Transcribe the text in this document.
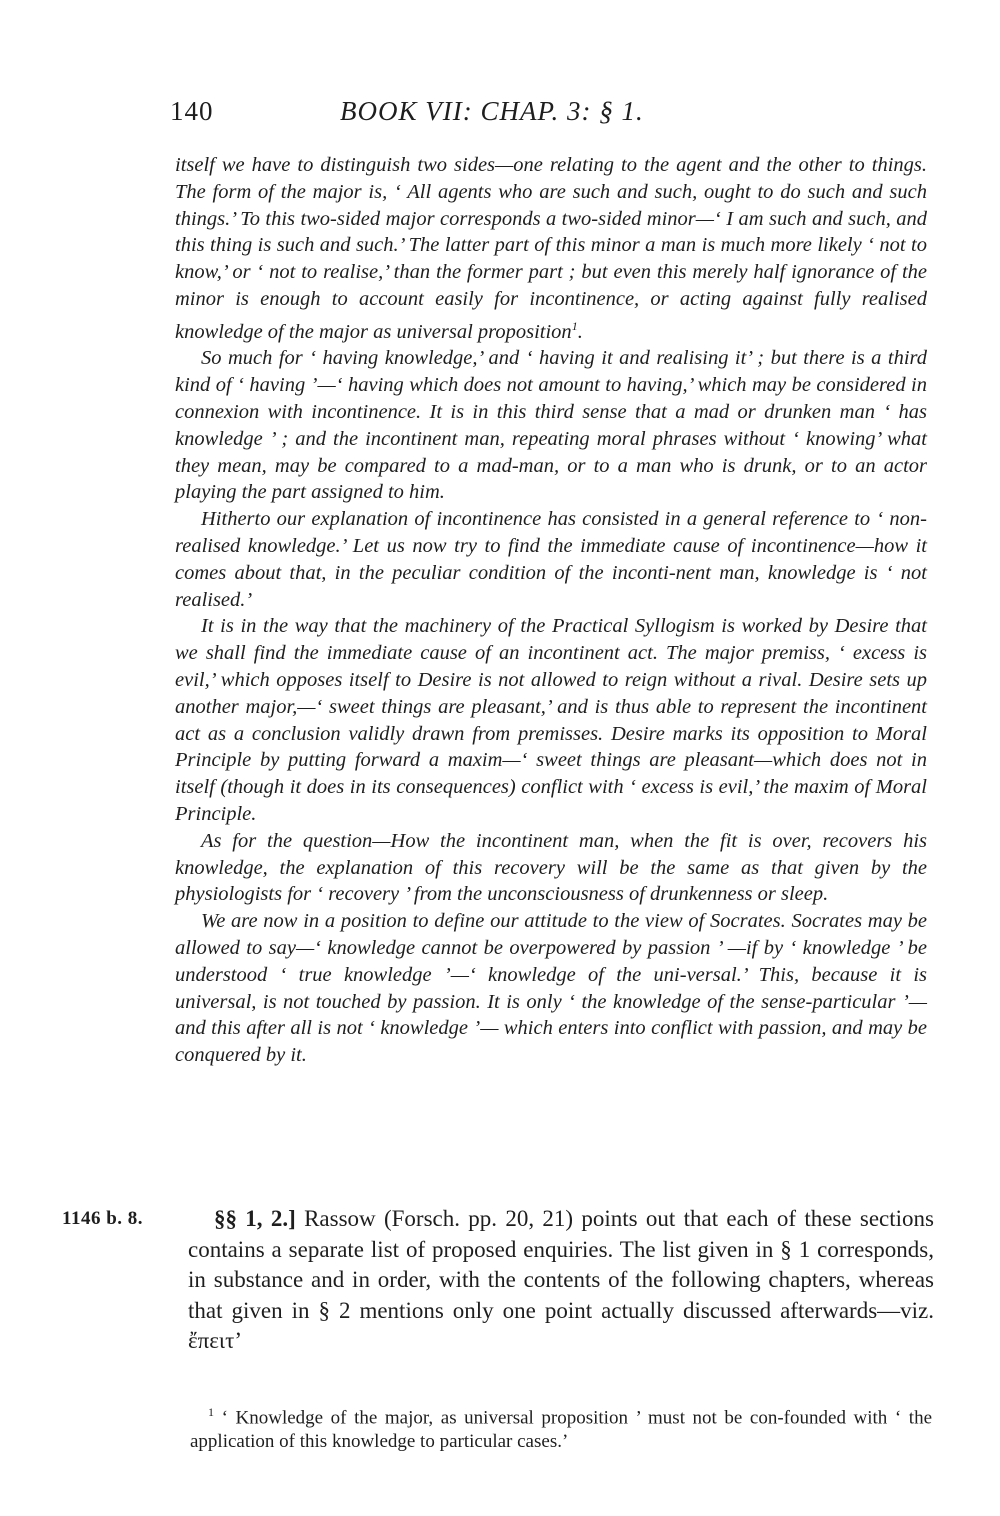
140	BOOK VII: CHAP. 3: § 1.

itself we have to distinguish two sides—one relating to the agent and the other to things. The form of the major is, ‘ All agents who are such and such, ought to do such and such things.’ To this two-sided major corresponds a two-sided minor—‘ I am such and such, and this thing is such and such.’ The latter part of this minor a man is much more likely ‘ not to know,’ or ‘ not to realise,’ than the former part ; but even this merely half ignorance of the minor is enough to account easily for incontinence, or acting against fully realised knowledge of the major as universal proposition$^1$.

So much for ‘ having knowledge,’ and ‘ having it and realising it’ ; but there is a third kind of ‘ having ’—‘ having which does not amount to having,’ which may be considered in connexion with incontinence. It is in this third sense that a mad or drunken man ‘ has knowledge ’ ; and the incontinent man, repeating moral phrases without ‘ knowing’ what they mean, may be compared to a mad-man, or to a man who is drunk, or to an actor playing the part assigned to him.

Hitherto our explanation of incontinence has consisted in a general reference to ‘ non-realised knowledge.’ Let us now try to find the immediate cause of incontinence—how it comes about that, in the peculiar condition of the inconti-nent man, knowledge is ‘ not realised.’

It is in the way that the machinery of the Practical Syllogism is worked by Desire that we shall find the immediate cause of an incontinent act. The major premiss, ‘ excess is evil,’ which opposes itself to Desire is not allowed to reign without a rival. Desire sets up another major,—‘ sweet things are pleasant,’ and is thus able to represent the incontinent act as a conclusion validly drawn from premisses. Desire marks its opposition to Moral Principle by putting forward a maxim—‘ sweet things are pleasant—which does not in itself (though it does in its consequences) conflict with ‘ excess is evil,’ the maxim of Moral Principle.

As for the question—How the incontinent man, when the fit is over, recovers his knowledge, the explanation of this recovery will be the same as that given by the physiologists for ‘ recovery ’ from the unconsciousness of drunkenness or sleep.

We are now in a position to define our attitude to the view of Socrates. Socrates may be allowed to say—‘ knowledge cannot be overpowered by passion ’ —if by ‘ knowledge ’ be understood ‘ true knowledge ’—‘ knowledge of the uni-versal.’ This, because it is universal, is not touched by passion. It is only ‘ the knowledge of the sense-particular ’—and this after all is not ‘ knowledge ’— which enters into conflict with passion, and may be conquered by it.

1146 b. 8.	§§ 1, 2.] Rassow (Forsch. pp. 20, 21) points out that each of these sections contains a separate list of proposed enquiries. The list given in § 1 corresponds, in substance and in order, with the contents of the following chapters, whereas that given in § 2 mentions only one point actually discussed afterwards—viz. ἔπειτ’
$^1$ ‘ Knowledge of the major, as universal proposition ’ must not be con-founded with ‘ the application of this knowledge to particular cases.’
